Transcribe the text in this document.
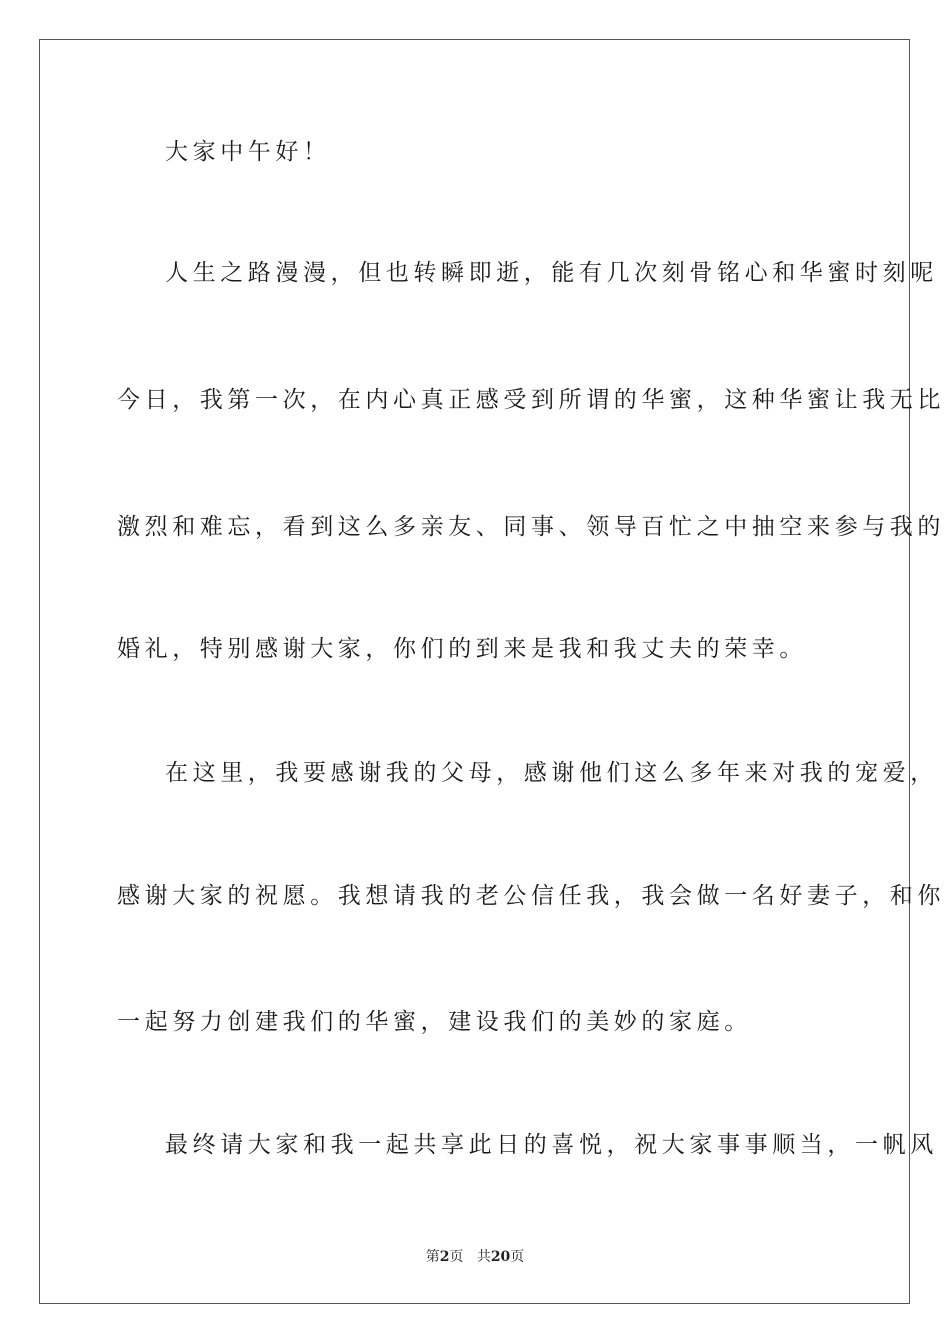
大家中午好！
人生之路漫漫，但也转瞬即逝，能有几次刻骨铭心和华蜜时刻呢
今日，我第一次，在内心真正感受到所谓的华蜜，这种华蜜让我无比
激烈和难忘，看到这么多亲友、同事、领导百忙之中抽空来参与我的
婚礼，特别感谢大家，你们的到来是我和我丈夫的荣幸。
在这里，我要感谢我的父母，感谢他们这么多年来对我的宠爱，
感谢大家的祝愿。我想请我的老公信任我，我会做一名好妻子，和你
一起努力创建我们的华蜜，建设我们的美妙的家庭。
最终请大家和我一起共享此日的喜悦，祝大家事事顺当，一帆风
第2页 共20页
